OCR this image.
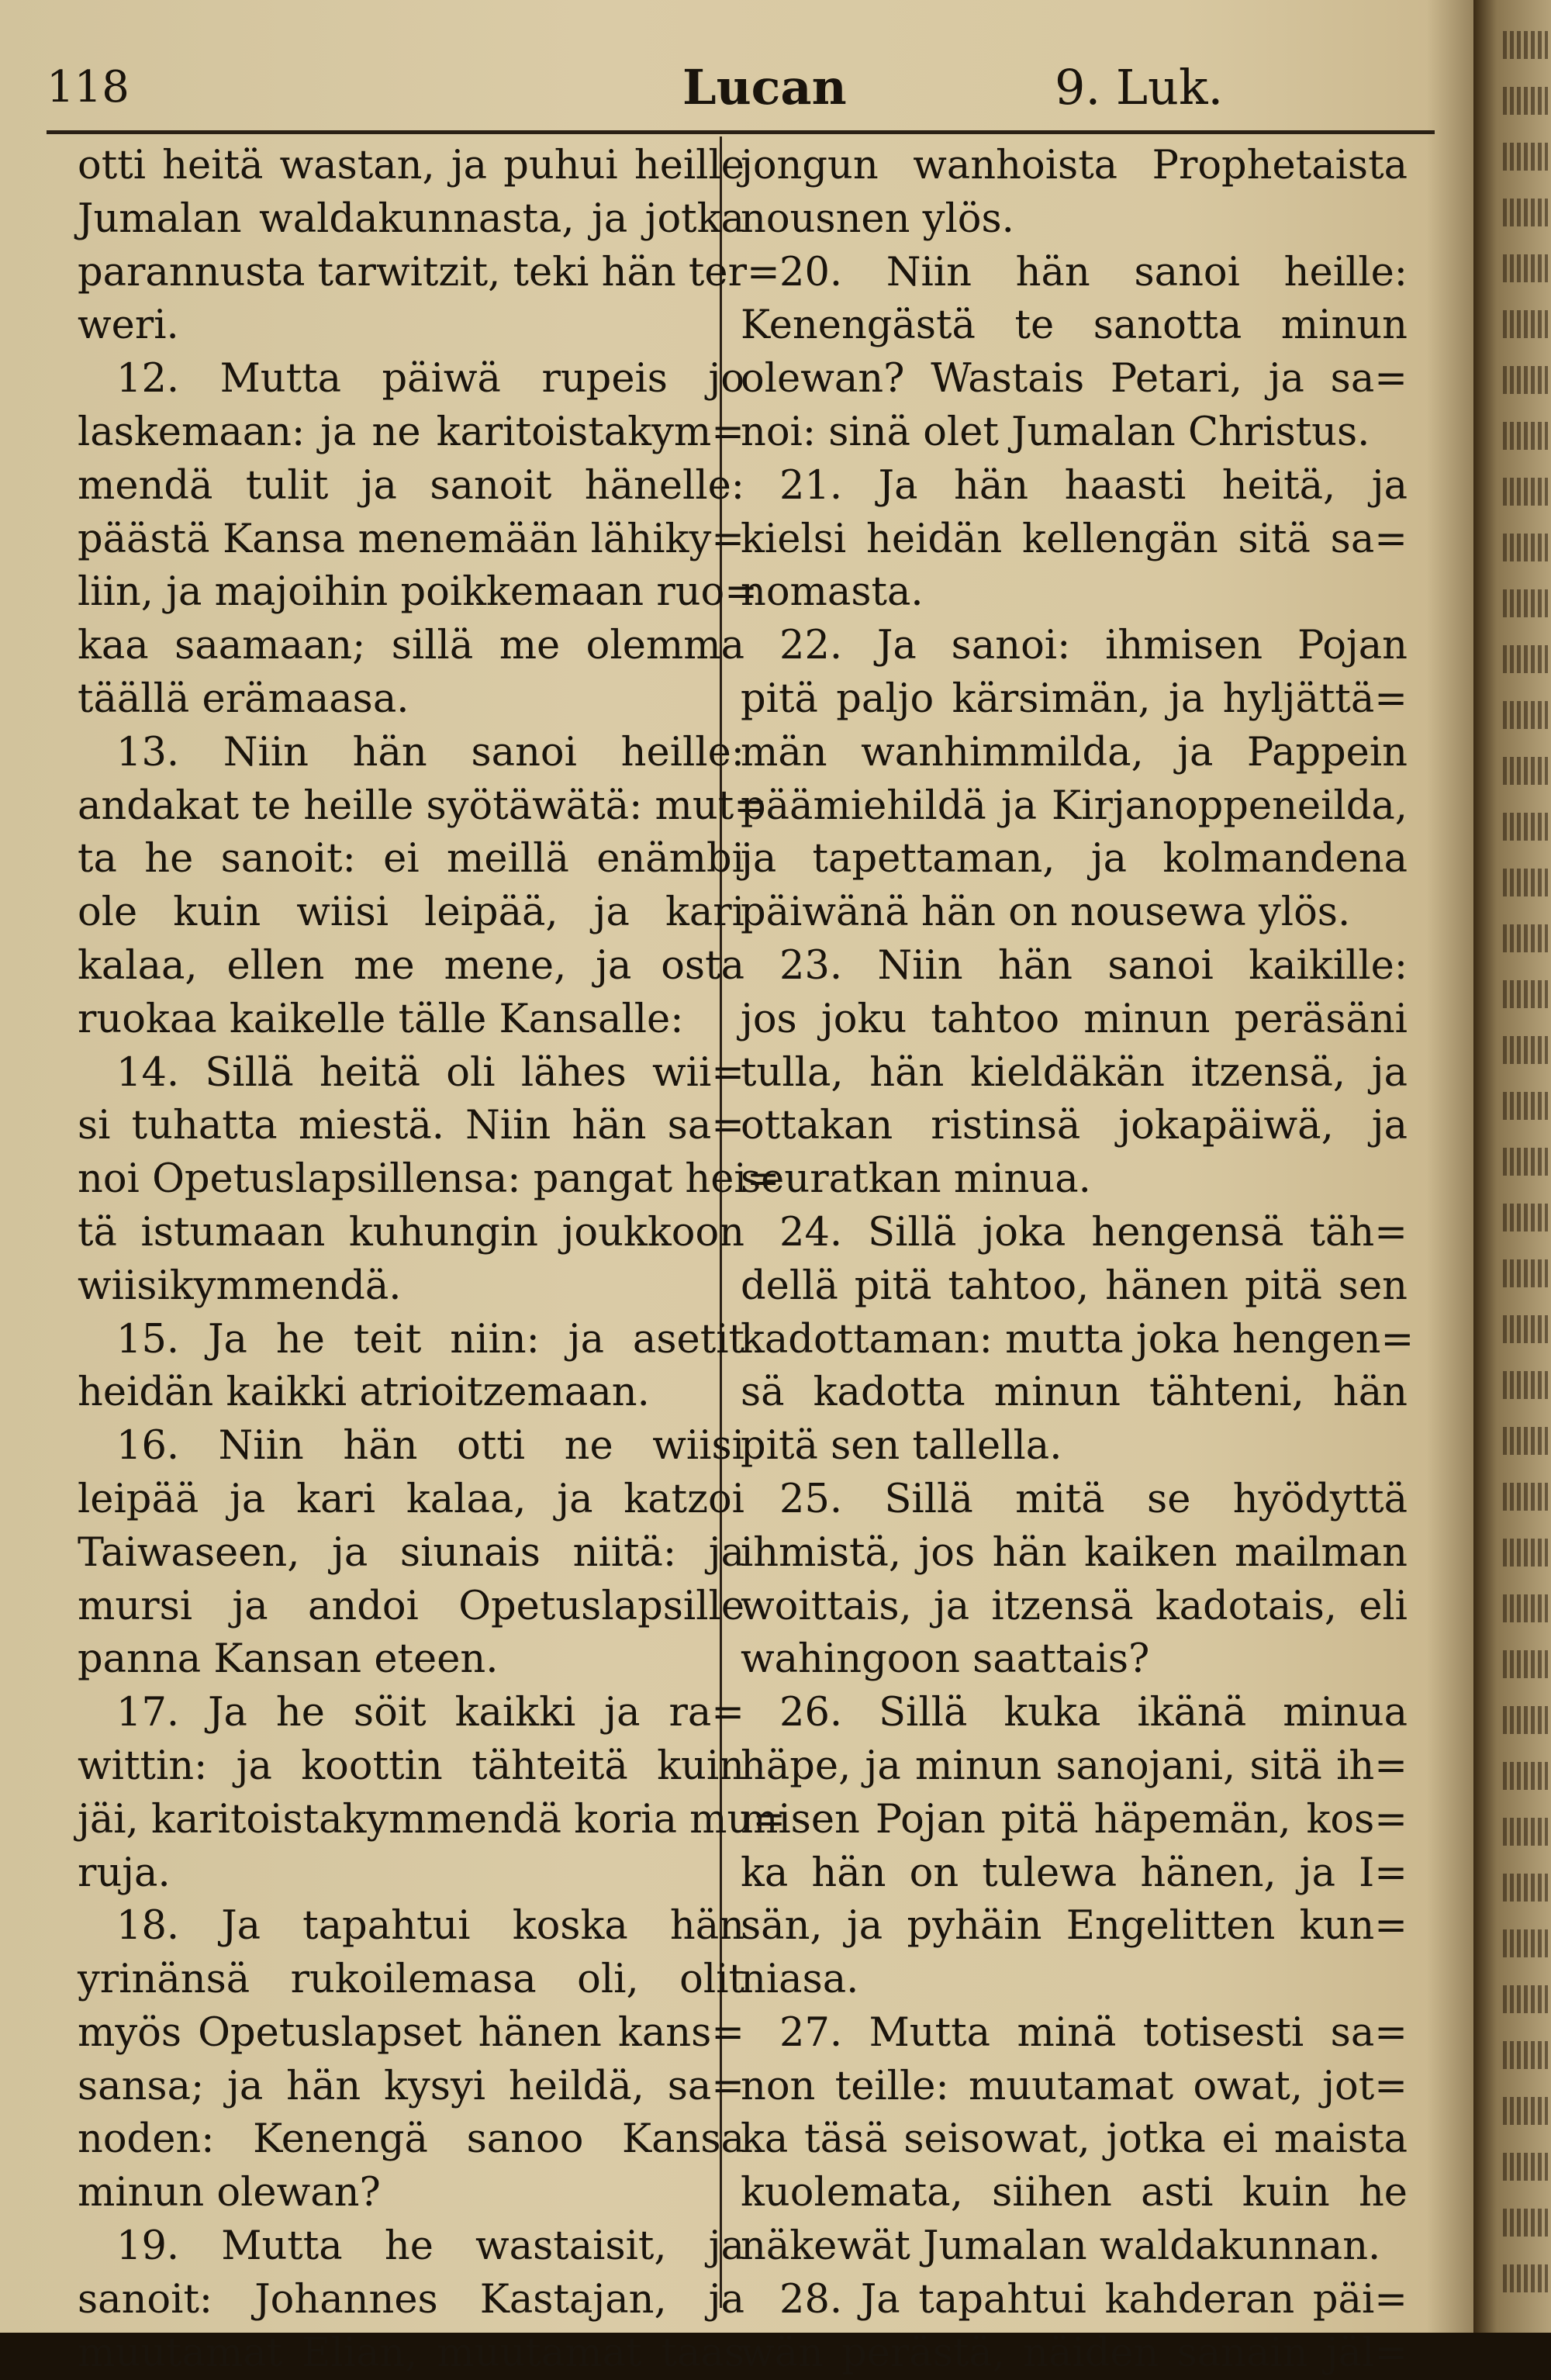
118	Lucan	9. Luk.
otti heitä wastan, ja puhui heille
Jumalan waldakunnasta, ja jotka
parannusta tarwitzit, teki hän ter=
weri.
12. Mutta päiwä rupeis jo
laskemaan: ja ne karitoistakym=
mendä tulit ja sanoit hänelle:
päästä Kansa menemään lähiky=
liin, ja majoihin poikkemaan ruo=
kaa saamaan; sillä me olemma
täällä erämaasa.
13. Niin hän sanoi heille:
andakat te heille syötäwätä: mut=
ta he sanoit: ei meillä enämbi
ole kuin wiisi leipää, ja kari
kalaa, ellen me mene, ja osta
ruokaa kaikelle tälle Kansalle:
14. Sillä heitä oli lähes wii=
si tuhatta miestä. Niin hän sa=
noi Opetuslapsillensa: pangat hei=
tä istumaan kuhungin joukkoon
wiisikymmendä.
15. Ja he teit niin: ja asetit
heidän kaikki atrioitzemaan.
16. Niin hän otti ne wiisi
leipää ja kari kalaa, ja katzoi
Taiwaseen, ja siunais niitä: ja
mursi ja andoi Opetuslapsille
panna Kansan eteen.
17. Ja he söit kaikki ja ra=
wittin: ja koottin tähteitä kuin
jäi, karitoistakymmendä koria mu=
ruja.
18. Ja tapahtui koska hän
yrinänsä rukoilemasa oli, olit
myös Opetuslapset hänen kans=
sansa; ja hän kysyi heildä, sa=
noden: Kenengä sanoo Kansa
minun olewan?
19. Mutta he wastaisit, ja
sanoit: Johannes Kastajan, ja
muutamat Elian, muutamat taas
jongun wanhoista Prophetaista
nousnen ylös.
20. Niin hän sanoi heille:
Kenengästä te sanotta minun
olewan? Wastais Petari, ja sa=
noi: sinä olet Jumalan Christus.
21. Ja hän haasti heitä, ja
kielsi heidän kellengän sitä sa=
nomasta.
22. Ja sanoi: ihmisen Pojan
pitä paljo kärsimän, ja hyljättä=
män wanhimmilda, ja Pappein
päämiehildä ja Kirjanoppeneilda,
ja tapettaman, ja kolmandena
päiwänä hän on nousewa ylös.
23. Niin hän sanoi kaikille:
jos joku tahtoo minun peräsäni
tulla, hän kieldäkän itzensä, ja
ottakan ristinsä jokapäiwä, ja
seuratkan minua.
24. Sillä joka hengensä täh=
dellä pitä tahtoo, hänen pitä sen
kadottaman: mutta joka hengen=
sä kadotta minun tähteni, hän
pitä sen tallella.
25. Sillä mitä se hyödyttä
ihmistä, jos hän kaiken mailman
woittais, ja itzensä kadotais, eli
wahingoon saattais?
26. Sillä kuka ikänä minua
häpe, ja minun sanojani, sitä ih=
misen Pojan pitä häpemän, kos=
ka hän on tulewa hänen, ja I=
sän, ja pyhäin Engelitten kun=
niasa.
27. Mutta minä totisesti sa=
non teille: muutamat owat, jot=
ka täsä seisowat, jotka ei maista
kuolemata, siihen asti kuin he
näkewät Jumalan waldakunnan.
28. Ja tapahtui kahderan päi=
wän perästä, näiden sanain jäl=
